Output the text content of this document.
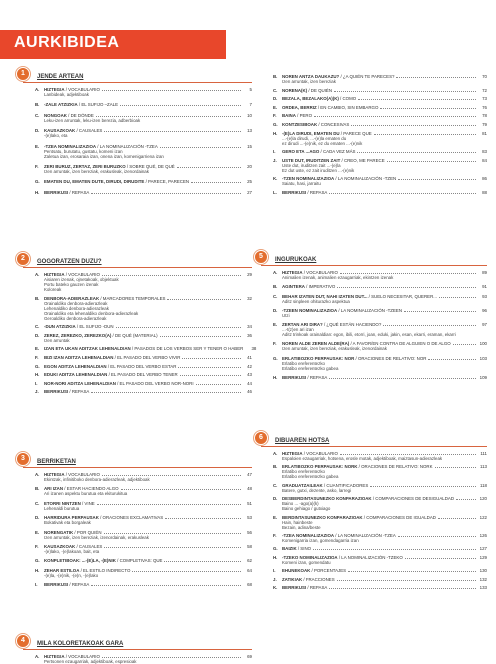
AURKIBIDEA
1	JENDE ARTEAN
A.	HIZTEGIA / VOCABULARIO	5
Lanbideak, adjektiboak
B.	-ZALE ATZIZKIA / EL SUFIJO –ZALE	7
C.	NONGOAK / DE DÓNDE	10
Leku-izen arruntak, leku-izen berezia, adberbioak
D.	KAUSAZKOAK / CAUSALES	13
-(e)lako, eta
E.	-TZEA NOMINALIZAZIOA / LA NOMINALIZACIÓN -TZEA	15
Pentsatu, burutatu, gustatu, komeni izan
Zaletua izan, erosaraia izan, onena izan, komenigarriena izan
F.	ZERI BURUZ, ZERTAZ, ZERI BURUZKO / SOBRE QUÉ, DE QUÉ	20
Izen arruntak, izen bereziak, erakusleak, izenordainak
G. EMATEN DU, EMATEN DUTE, DIRUDI, DIRUDITE / PARECE, PARECEN	25
H.	BERRIKUSI / REPASA	27
2	GOGORATZEN DUZU?
A.	HIZTEGIA / VOCABULARIO	29
Aisiaren izenak, ojnetakoak, objektuak
Portu bateko gauzen izenak
Koloreak
B.	DENBORA-ADIERAZLEAK / MARCADORES TEMPORALES	32
Orainaldiko denbora-adierazleak
Lehenaldiko denbora-adierazleak
Orainaldiko eta lehenaldiko denbora-adierazleak
Geroaldiko denbora-adierazleak
C.	-DUN ATZIZKIA / EL SUFIJO -DUN	34
D.	ZEREZ, ZEREZKO, ZEREZKO(A) / DE QUÉ (MATERIAL)	36
Izen arruntak
E.	IZAN ETA UKAN ADITZAK LEHENALDIAN / PASADOS DE LOS VERBOS SER Y TENER O HABER	38
F.	BIZI IZAN ADITZA LEHENALDIAN / EL PASADO DEL VERBO VIVIR	41
G. EGON ADITZA LEHENALDIAN / EL PASADO DEL VERBO ESTAR	42
H.	EDUKI ADITZA LEHENALDIAN / EL PASADO DEL VERBO TENER	43
I.	NOR-NORI ADITZA LEHENALDIAN / EL PASADO DEL VERBO NOR-NORI	44
J.	BERRIKUSI / REPASA	46
3	BERRIKETAN
A.	HIZTEGIA / VOCABULARIO	47
Ekintzak, infinitiboko denbora-adierazleak, adjektiboak
B.	ARI IZAN / ESTAR HACIENDO ALGO	48
Ari izanen aspektu burutua eta ekiturukitua
C.	ETORRI NINTZEN / VINE	51
Lehenaldi burutua
D.	HARRIDURA PERPAUSAK / ORACIONES EXCLAMATIVAS	53
Bokativak eta borgaleak
E.	NORENGATIK / POR QUIÉN	56
Izen arruntak, izen bereziak, izenordainak, erakusleak
F.	KAUSAZKOAK / CAUSALES	58
-(e)lako, -(e)lakoan, bait, eta
G. KONPLETIBOAK: ...-(E)LA, -(E)NIK / COMPLETIVAS: QUE	62
H.	ZEHAR ESTILOA / EL ESTILO INDIRECTO	64
-(e)la, -(e)nik, -(e)n, -(e)lako
I.	BERRIKUSI / REPASA	68
4	MILA KOLORETAKOAK GARA
A.	HIZTEGIA / VOCABULARIO	69
Pertsonen ezaugarriak, adjektiboak, espresioak
B.	NOREN ANTZA DAUKAZU? / ¿A QUIÉN TE PARECES?	70
Izen arruntak, izen bereziak
C.	NORENA(K) / DE QUIÉN	72
D.	BEZALA, BEZALAKO(A)(K) / COMO	73
E.	ORDEA, BERRIZ / EN CAMBIO, SIN EMBARGO	76
F.	BAINA / PERO	78
G. KONTZESIBOAK / CONCESIVAS	79
H.	-(E)LA DIRUDI, EMATEN DU / PARECE QUE	81
...-(e)la dirudi, ...-(e)la ematen du
ez dirudi ...-(e)nik, ez du ematen ...-(e)nik
I.	GERO ETA ...AGO / CADA VEZ MÁS	83
J.	USTE DUT, IRUDITZEN ZAIT / CREO, ME PARECE	84
Uste dut, iruditzen zait ...-(e)la
Ez dut uste, ez zait iruditzen ...-(e)nik
K.	-TZEN NOMINALIZAZIOA / LA NOMINALIZACIÓN -TZEN	86
Saiatu, hasi, jarraitu
L.	BERRIKUSI / REPASA	88
5	INGURUKOAK
A.	HIZTEGIA / VOCABULARIO	89
Animalien izenak, animalien ezaugarriak, ekintzen izenak
B.	AGINTERA / IMPERATIVO	91
C.	BEHAR IZATEN DUT, NAHI IZATEN DUT... / SUELO NECESITAR, QUERER...	93
Aditz sinpleen ohiturazko aspektua
D.	-TZEEN NOMINALIZAZIOA / LA NOMINALIZACIÓN -TZEEN	96
Utzi
E.	ZERTAN ARI DIRA? / ¿QUÉ ESTÁN HACIENDO?	97
...-t(z)en ari izan
Aditz trinkoak orainaldian: egon, ibili, etorri, joan, eduki, jakin, esan, ekarri, eraman, ekarri
F.	NOREN ALDE ZEREN ALDE(RA) / A FAVOR/EN CONTRA DE ALGUIEN O DE ALGO	100
Izen arruntak, izen bereziak, erakusleak, izenordainak
G. ERLATIBOZKO PERPAUSAK: NOR / ORACIONES DE RELATIVO: NOR	103
Erlatibo ereferentezko
Erlatibo ereferentezko gabea
H.	BERRIKUSI / REPASA	109
6	DIBUAREN HOTSA
A.	HIZTEGIA / VOCABULARIO	111
Espaloien ezaugarriak, hotsena, erosle motak, adjektiboak, maiztasun-adierazleak
B.	ERLATIBOZKO PERPAUSAK: NORK / ORACIONES DE RELATIVO: NORK	113
Erlatibo ereferentezko
Erlatibo ereferentezko gabea
C.	GRADUATZAILEAK / CUANTIFICADORES	118
Batere, gutxi, dezente, asko, larregi
D.	DESBERDINTASUNEZKO KONPARAZIOAK / COMPARACIONES DE DESIGUALDAD	120
Baino ... -ago(a)(k)
Baino gehiago / gutxiago
E.	BERDINTASUNEZKO KONPARAZIOAK / COMPARACIONES DE IGUALDAD	122
Hain, hainbeste
Bezain, adina/beste
F.	-TZEA NOMINALIZAZIOA / LA NOMINALIZACIÓN -TZEA	126
Komenigarria izan, gomendagarria izan
G. BAIZIK / SINO	127
H.	-TZEKO NOMINALIZAZIOA / LA NOMINALIZACIÓN -TZEKO	129
Komeni izan, gomendatu
I.	EHUNEKOAK / PORCENTAJES	130
J.	ZATIKIAK / FRACCIONES	132
K.	BERRIKUSI / REPASA	133
